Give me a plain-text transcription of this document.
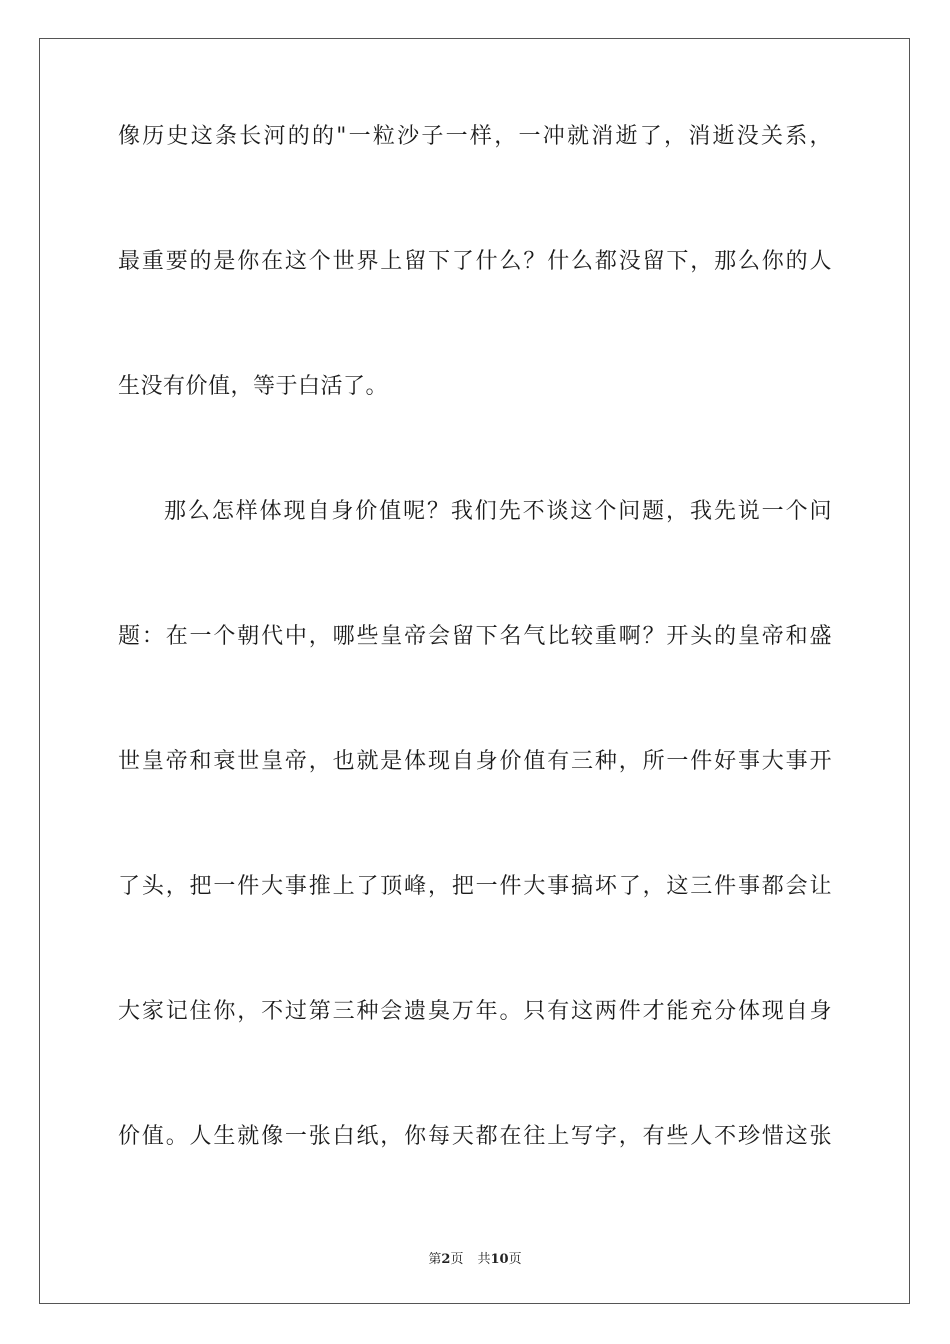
像历史这条长河的的"一粒沙子一样，一冲就消逝了，消逝没关系，
最重要的是你在这个世界上留下了什么？什么都没留下，那么你的人
生没有价值，等于白活了。
那么怎样体现自身价值呢？我们先不谈这个问题，我先说一个问
题：在一个朝代中，哪些皇帝会留下名气比较重啊？开头的皇帝和盛
世皇帝和衰世皇帝，也就是体现自身价值有三种，所一件好事大事开
了头，把一件大事推上了顶峰，把一件大事搞坏了，这三件事都会让
大家记住你，不过第三种会遗臭万年。只有这两件才能充分体现自身
价值。人生就像一张白纸，你每天都在往上写字，有些人不珍惜这张
第2页 共10页
